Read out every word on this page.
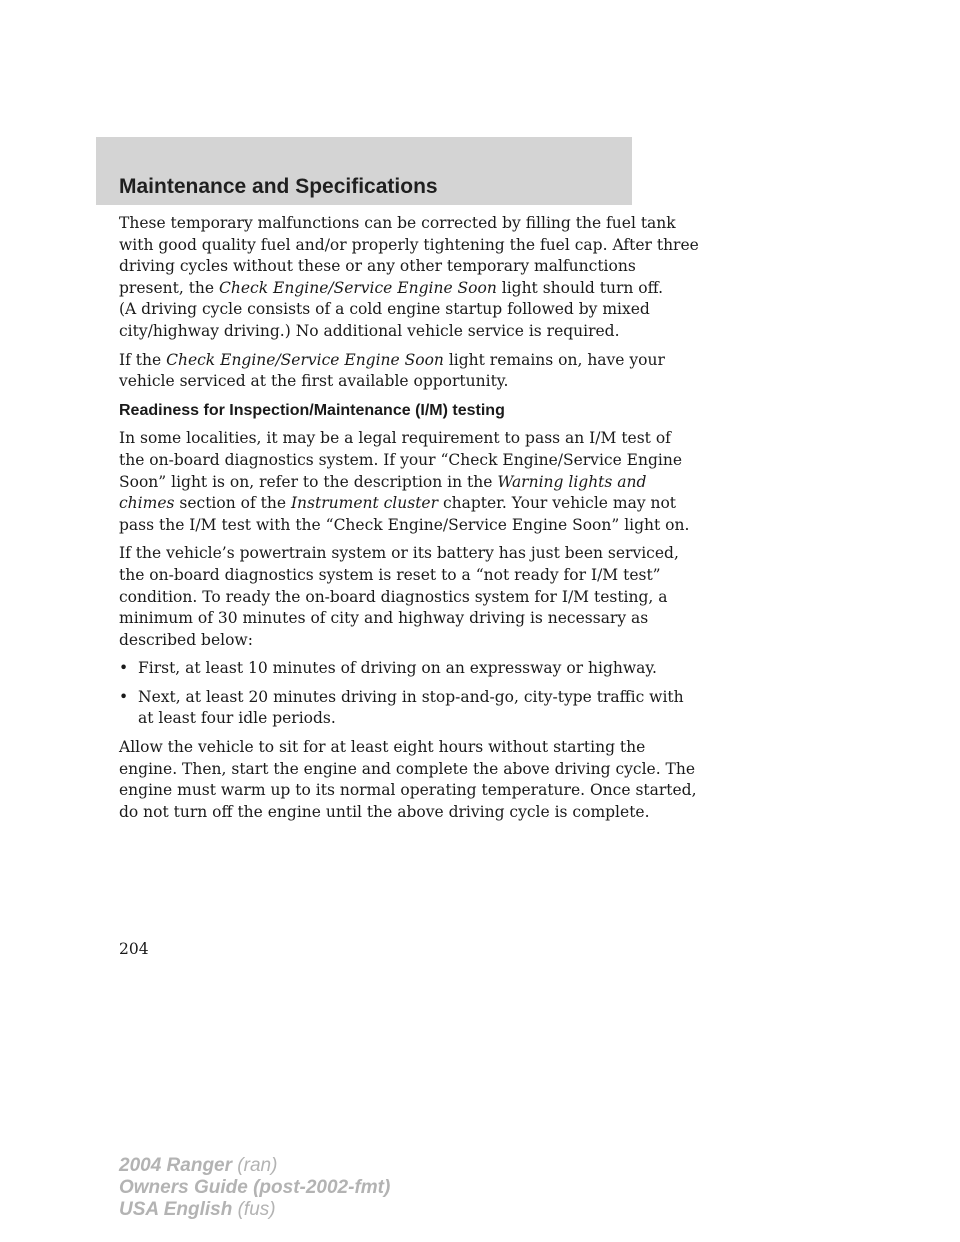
Maintenance and Specifications

These temporary malfunctions can be corrected by filling the fuel tank
with good quality fuel and/or properly tightening the fuel cap. After three
driving cycles without these or any other temporary malfunctions
present, the Check Engine/Service Engine Soon light should turn off.
(A driving cycle consists of a cold engine startup followed by mixed
city/highway driving.) No additional vehicle service is required.

If the Check Engine/Service Engine Soon light remains on, have your
vehicle serviced at the first available opportunity.

Readiness for Inspection/Maintenance (I/M) testing

In some localities, it may be a legal requirement to pass an I/M test of
the on-board diagnostics system. If your “Check Engine/Service Engine
Soon” light is on, refer to the description in the Warning lights and
chimes section of the Instrument cluster chapter. Your vehicle may not
pass the I/M test with the “Check Engine/Service Engine Soon” light on.

If the vehicle’s powertrain system or its battery has just been serviced,
the on-board diagnostics system is reset to a “not ready for I/M test”
condition. To ready the on-board diagnostics system for I/M testing, a
minimum of 30 minutes of city and highway driving is necessary as
described below:

• First, at least 10 minutes of driving on an expressway or highway.
• Next, at least 20 minutes driving in stop-and-go, city-type traffic with
at least four idle periods.

Allow the vehicle to sit for at least eight hours without starting the
engine. Then, start the engine and complete the above driving cycle. The
engine must warm up to its normal operating temperature. Once started,
do not turn off the engine until the above driving cycle is complete.

204
2004 Ranger (ran)
Owners Guide (post-2002-fmt)
USA English (fus)
